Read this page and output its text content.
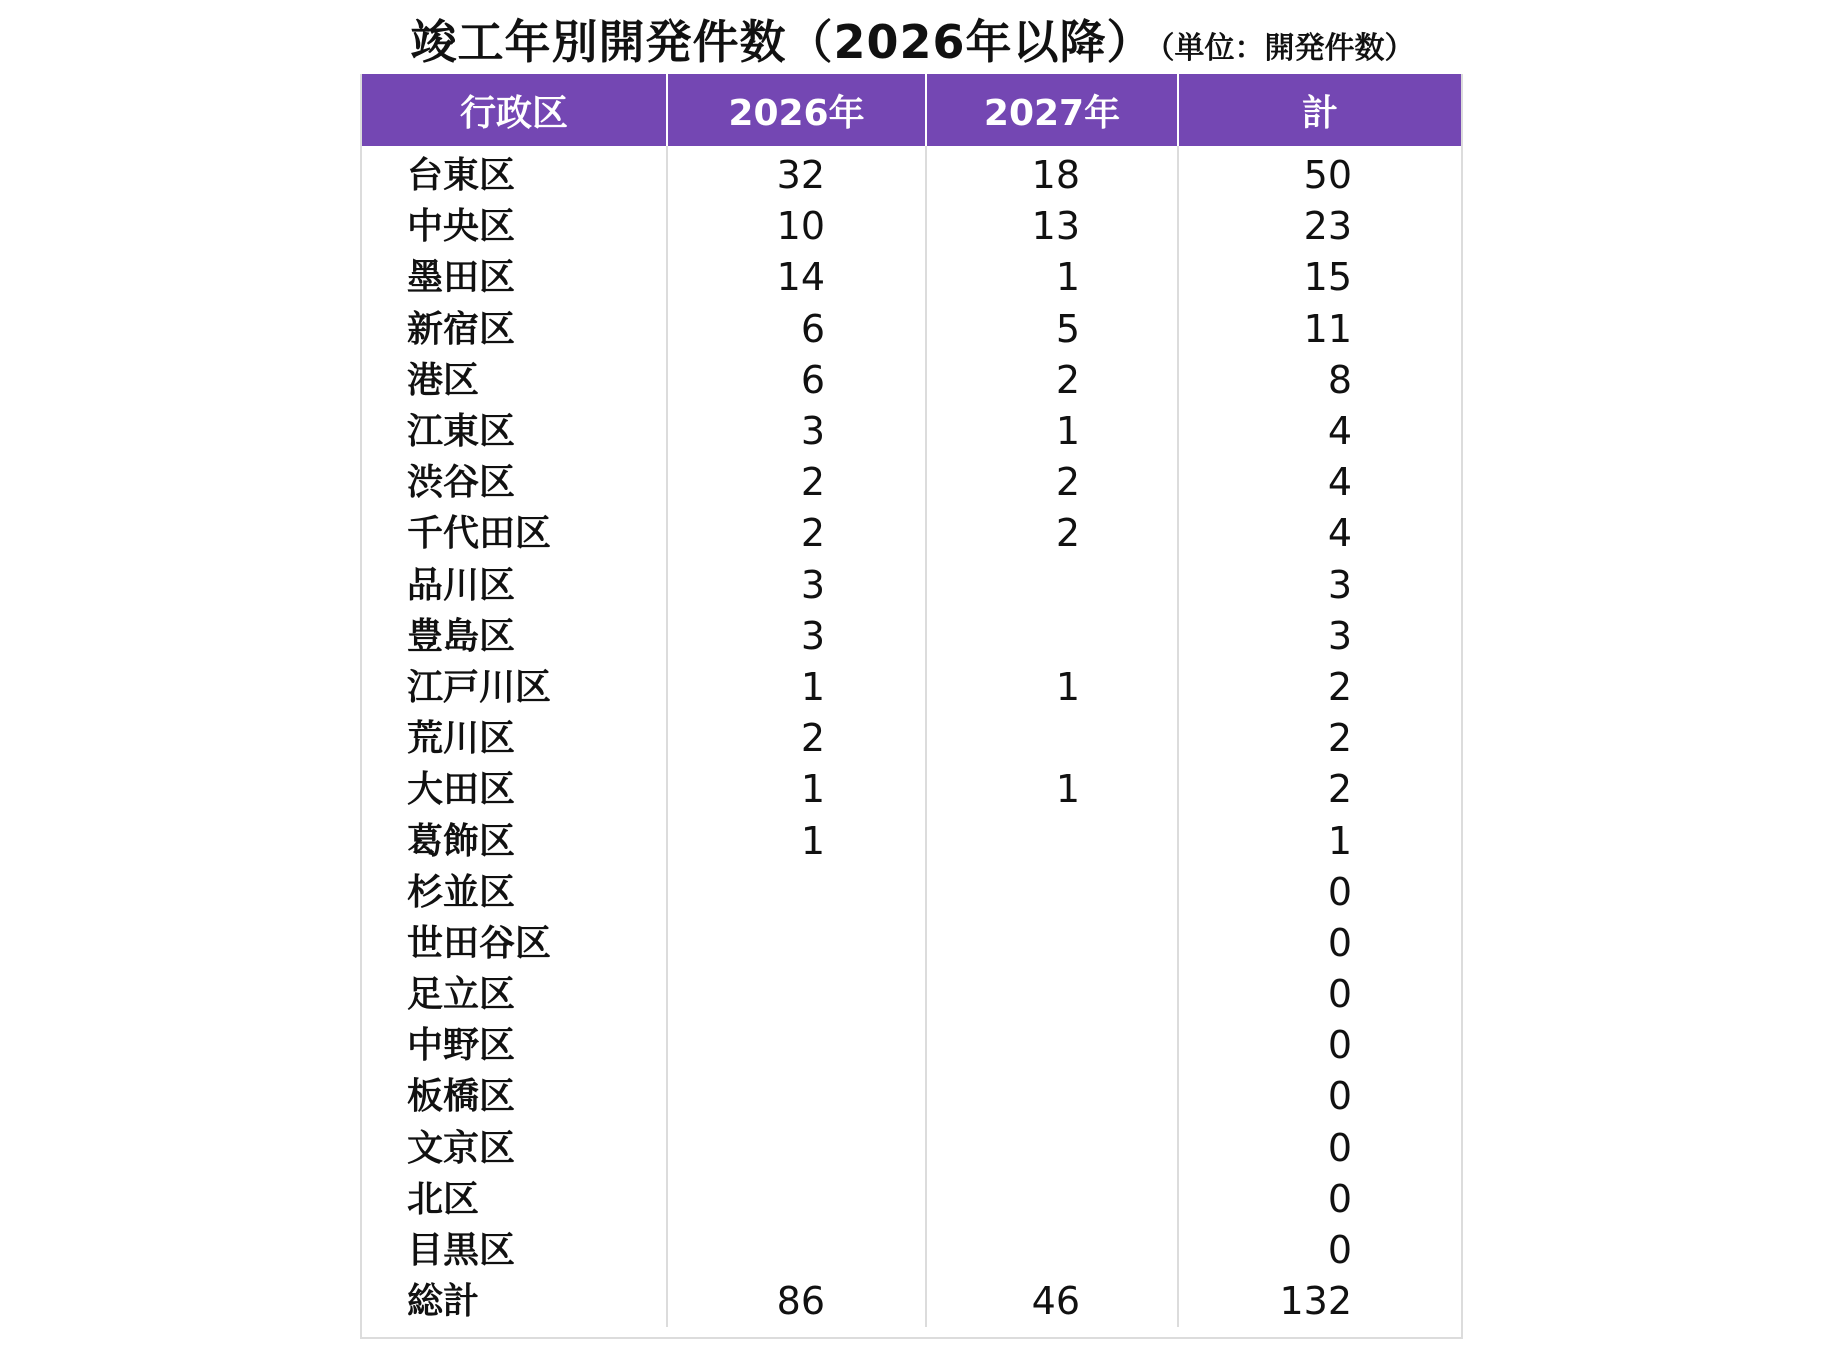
竣工年別開発件数（2026年以降） （単位：開発件数）
行政区	2026年	2027年	計
台東区	32	18	50
中央区	10	13	23
墨田区	14	1	15
新宿区	6	5	11
港区	6	2	8
江東区	3	1	4
渋谷区	2	2	4
千代田区	2	2	4
品川区	3		3
豊島区	3		3
江戸川区	1	1	2
荒川区	2		2
大田区	1	1	2
葛飾区	1		1
杉並区			0
世田谷区			0
足立区			0
中野区			0
板橋区			0
文京区			0
北区			0
目黒区			0
総計	86	46	132
